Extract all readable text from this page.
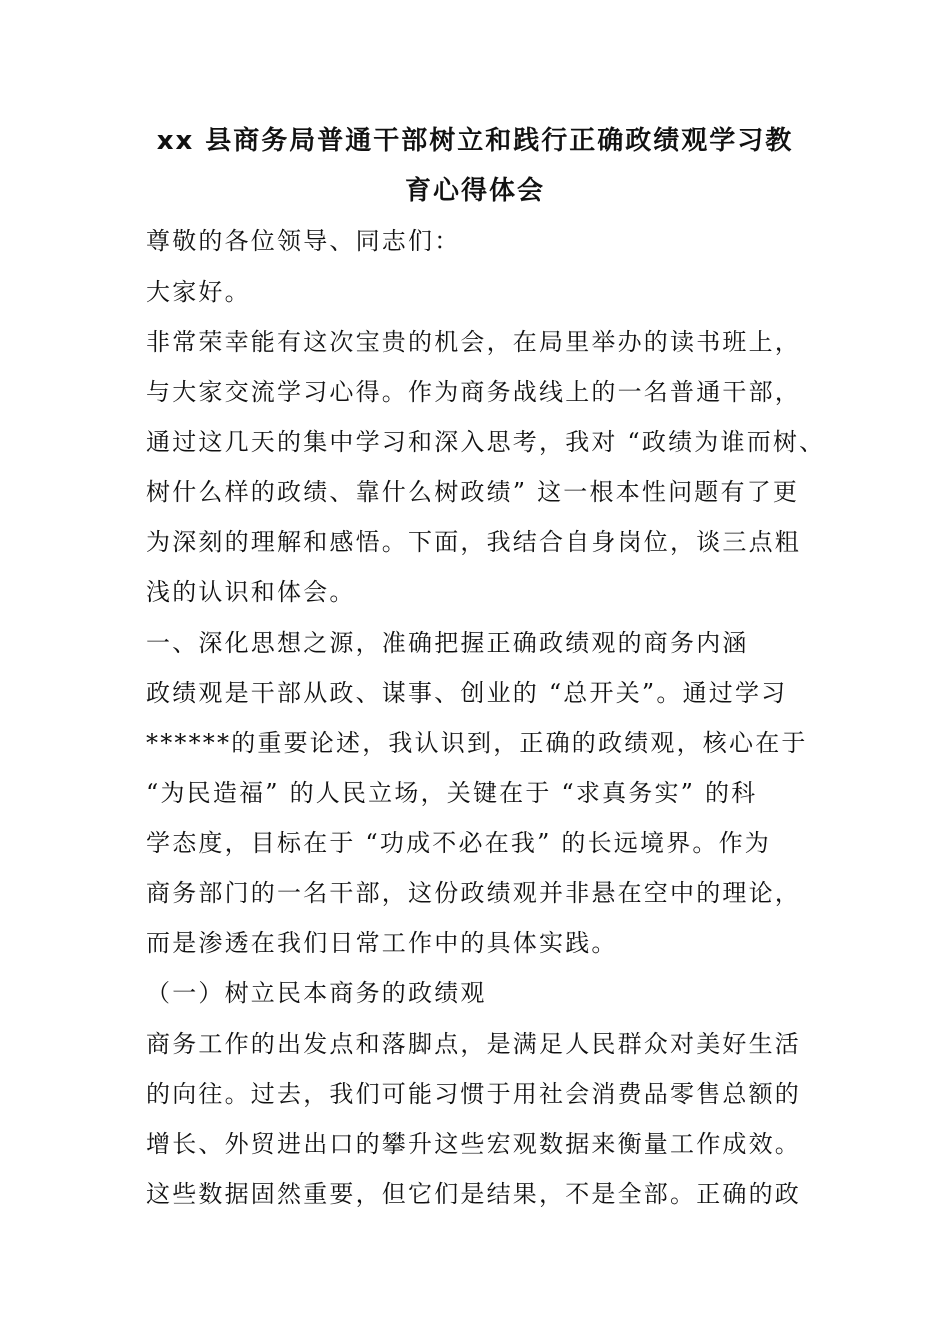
xx 县商务局普通干部树立和践行正确政绩观学习教
育心得体会
尊敬的各位领导、同志们：
大家好。
非常荣幸能有这次宝贵的机会，在局里举办的读书班上，
与大家交流学习心得。作为商务战线上的一名普通干部，
通过这几天的集中学习和深入思考，我对 “政绩为谁而树、
树什么样的政绩、靠什么树政绩” 这一根本性问题有了更
为深刻的理解和感悟。下面，我结合自身岗位，谈三点粗
浅的认识和体会。
一、深化思想之源，准确把握正确政绩观的商务内涵
政绩观是干部从政、谋事、创业的 “总开关”。通过学习
******的重要论述，我认识到，正确的政绩观，核心在于
“为民造福” 的人民立场，关键在于 “求真务实” 的科
学态度，目标在于 “功成不必在我” 的长远境界。作为
商务部门的一名干部，这份政绩观并非悬在空中的理论，
而是渗透在我们日常工作中的具体实践。
（一）树立民本商务的政绩观
商务工作的出发点和落脚点，是满足人民群众对美好生活
的向往。过去，我们可能习惯于用社会消费品零售总额的
增长、外贸进出口的攀升这些宏观数据来衡量工作成效。
这些数据固然重要，但它们是结果，不是全部。正确的政
